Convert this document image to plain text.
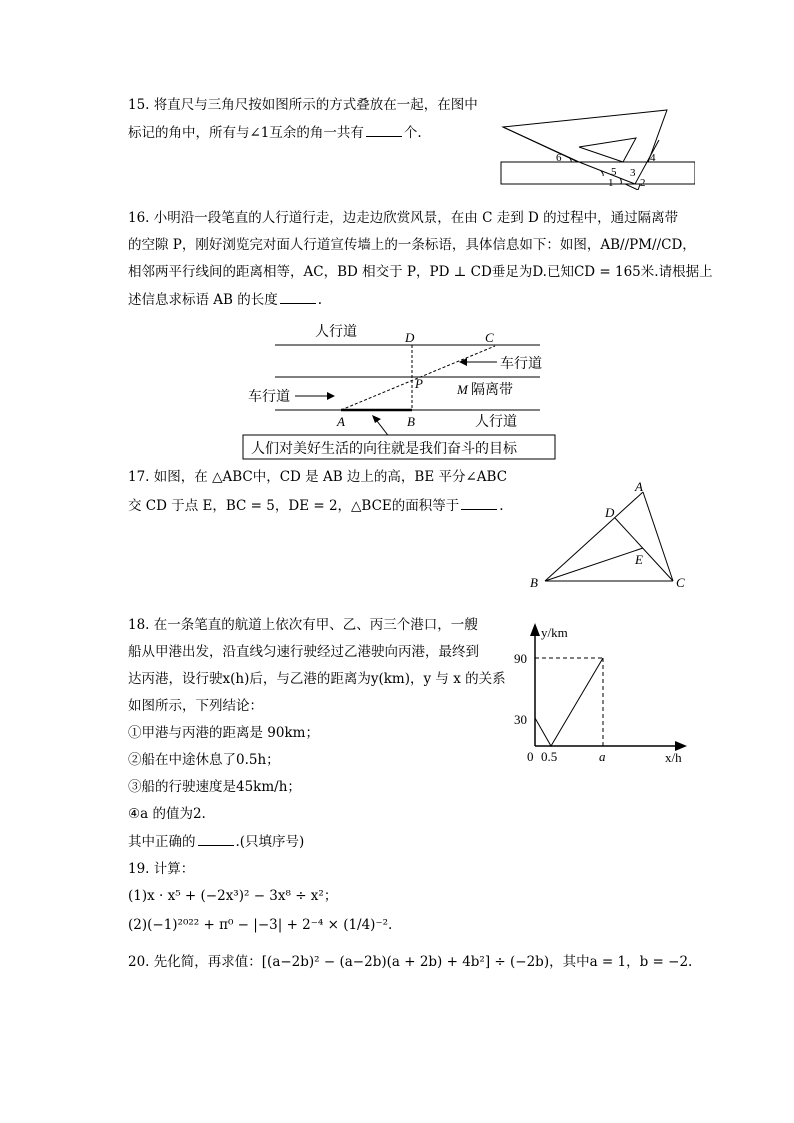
15. 将直尺与三角尺按如图所示的方式叠放在一起，在图中
标记的角中，所有与∠1互余的角一共有	个.
6
5
1
3
2
4
16. 小明沿一段笔直的人行道行走，边走边欣赏风景，在由 C 走到 D 的过程中，通过隔离带
的空隙 P，刚好浏览完对面人行道宣传墙上的一条标语，具体信息如下：如图，AB//PM//CD，
相邻两平行线间的距离相等，AC，BD 相交于 P，PD ⊥ CD垂足为D.已知CD = 165米.请根据上
述信息求标语 AB 的长度	.
人行道	D	C
车行道
P	M 隔离带
车行道
A	B	人行道
人们对美好生活的向往就是我们奋斗的目标
17. 如图，在 △ABC中，CD 是 AB 边上的高，BE 平分∠ABC
交 CD 于点 E，BC = 5，DE = 2，△BCE的面积等于	.
A
D
E
B	C
18. 在一条笔直的航道上依次有甲、乙、丙三个港口，一艘
船从甲港出发，沿直线匀速行驶经过乙港驶向丙港，最终到
达丙港，设行驶x(h)后，与乙港的距离为y(km)，y 与 x 的关系
如图所示，下列结论：
①甲港与丙港的距离是 90km；
②船在中途休息了0.5h；
③船的行驶速度是45km/h；
④a 的值为2.
其中正确的	.(只填序号)
y/km
90
30
0 0.5	a	x/h
19. 计算：
(1)x · x⁵ + (−2x³)² − 3x⁸ ÷ x²；
(2)(−1)²⁰²² + π⁰ − |−3| + 2⁻⁴ × (1/4)⁻².
20. 先化简，再求值：[(a−2b)² − (a−2b)(a + 2b) + 4b²] ÷ (−2b)，其中a = 1，b = −2.
